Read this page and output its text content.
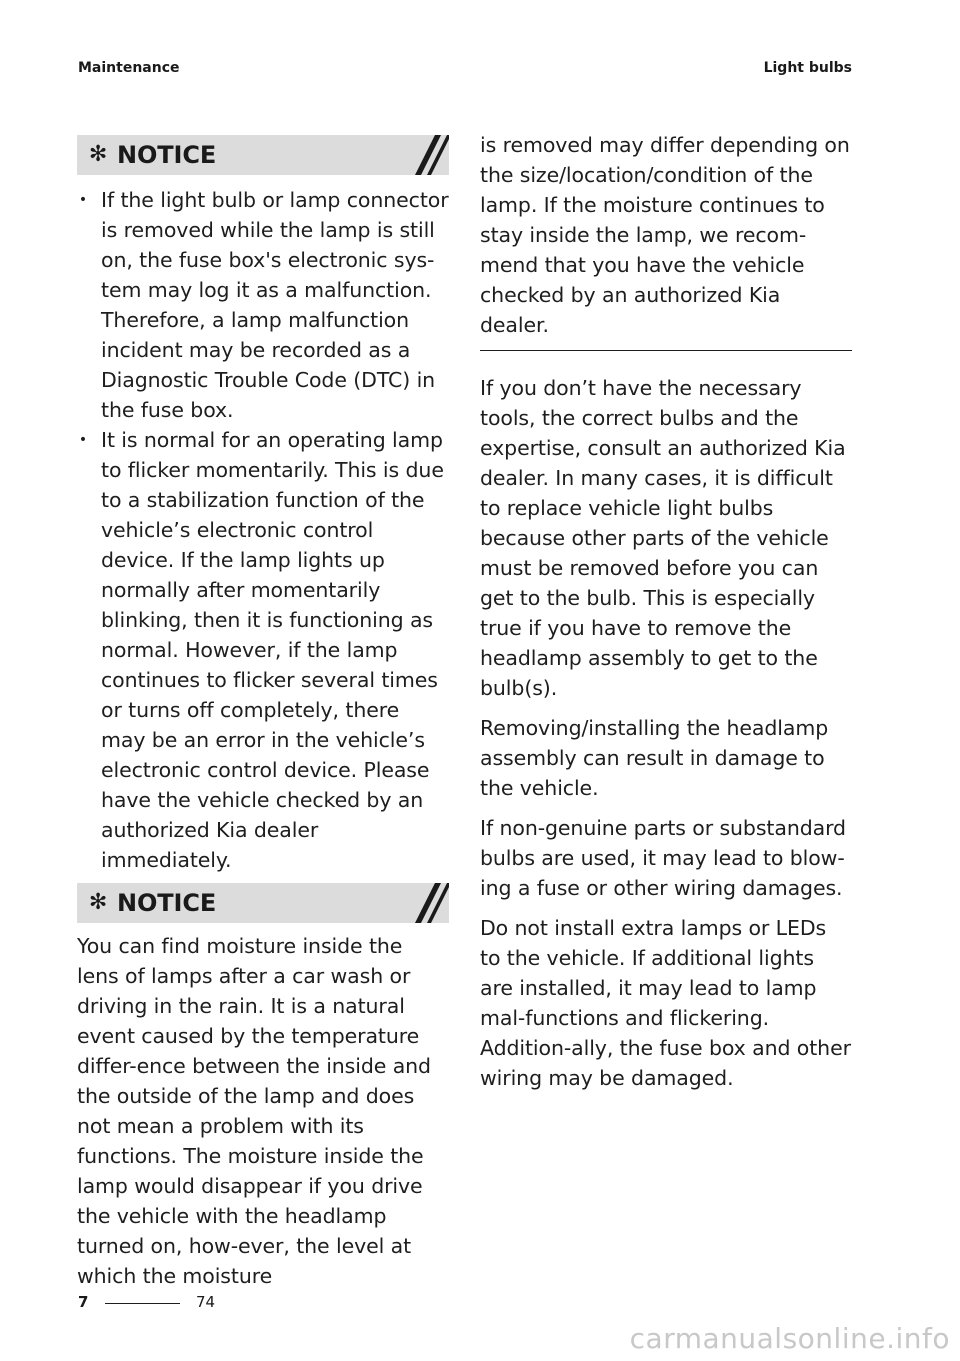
Maintenance	Light bulbs
✻ NOTICE
• If the light bulb or lamp connector is removed while the lamp is still on, the fuse box's electronic sys-tem may log it as a malfunction. Therefore, a lamp malfunction incident may be recorded as a Diagnostic Trouble Code (DTC) in the fuse box.
• It is normal for an operating lamp to flicker momentarily. This is due to a stabilization function of the vehicle’s electronic control device. If the lamp lights up normally after momentarily blinking, then it is functioning as normal. However, if the lamp continues to flicker several times or turns off completely, there may be an error in the vehicle’s electronic control device. Please have the vehicle checked by an authorized Kia dealer immediately.
✻ NOTICE

You can find moisture inside the lens of lamps after a car wash or driving in the rain. It is a natural event caused by the temperature differ-ence between the inside and the outside of the lamp and does not mean a problem with its functions. The moisture inside the lamp would disappear if you drive the vehicle with the headlamp turned on, how-ever, the level at which the moisture

is removed may differ depending on the size/location/condition of the lamp. If the moisture continues to stay inside the lamp, we recom-mend that you have the vehicle checked by an authorized Kia dealer.

If you don’t have the necessary tools, the correct bulbs and the expertise, consult an authorized Kia dealer. In many cases, it is difficult to replace vehicle light bulbs because other parts of the vehicle must be removed before you can get to the bulb. This is especially true if you have to remove the headlamp assembly to get to the bulb(s).

Removing/installing the headlamp assembly can result in damage to the vehicle.

If non-genuine parts or substandard bulbs are used, it may lead to blow-ing a fuse or other wiring damages.

Do not install extra lamps or LEDs to the vehicle. If additional lights are installed, it may lead to lamp mal-functions and flickering. Addition-ally, the fuse box and other wiring may be damaged.

7	74
carmanualsonline.info
